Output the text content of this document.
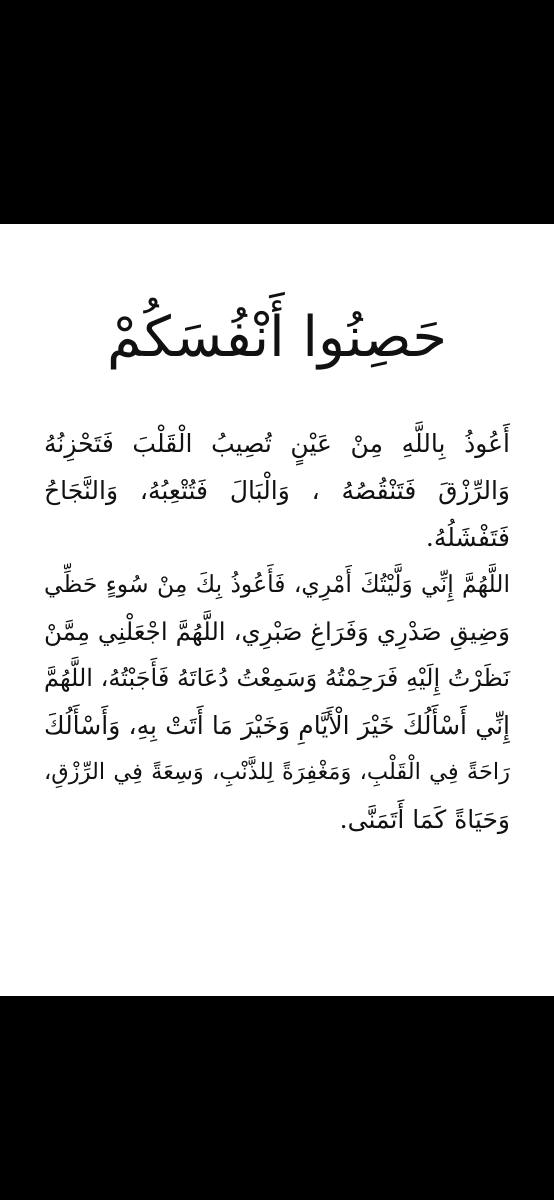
حَصِنُوا أَنْفُسَكُمْ

أَعُوذُ بِاللَّهِ مِنْ عَيْنٍ تُصِيبُ الْقَلْبَ فَتَحْزِنُهُ
وَالرِّزْقَ فَتَنْقُصُهُ ، وَالْبَالَ فَتُتْعِبُهُ، وَالنَّجَاحُ
فَتَفْشَلُهُ.

اللَّهُمَّ إِنِّي وَلَّيْتُكَ أَمْرِي، فَأَعُوذُ بِكَ مِنْ سُوءٍ حَظِّي
وَضِيقِ صَدْرِي وَفَرَاغِ صَبْرِي، اللَّهُمَّ اجْعَلْنِي مِمَّنْ
نَظَرْتُ إِلَيْهِ فَرَحِمْتُهُ وَسَمِعْتُ دُعَاتَهُ فَأَجَبْتُهُ، اللَّهُمَّ
إِنِّي أَسْأَلُكَ خَيْرَ الْأَيَّامِ وَخَيْرَ مَا أَتَتْ بِهِ، وَأَسْأَلُكَ
رَاحَةً فِي الْقَلْبِ، وَمَغْفِرَةً لِلذَّنْبِ، وَسِعَةً فِي الرِّزْقِ،
وَحَيَاةً كَمَا أَتَمَنَّى.
